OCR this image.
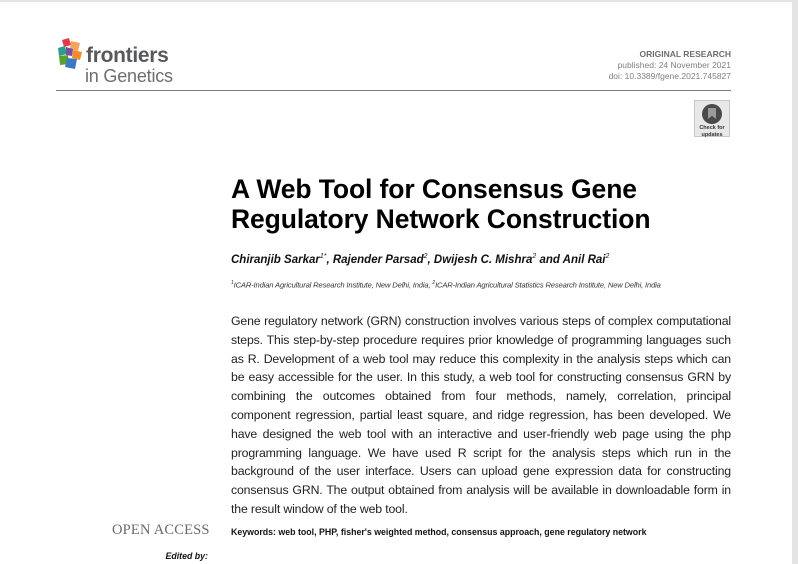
frontiers
in Genetics
ORIGINAL RESEARCH
published: 24 November 2021
doi: 10.3389/fgene.2021.745827
Check for
updates
A Web Tool for Consensus Gene Regulatory Network Construction
Chiranjib Sarkar$^{1*}$, Rajender Parsad$^2$, Dwijesh C. Mishra$^2$ and Anil Rai$^2$
$^1$ICAR-Indian Agricultural Research Institute, New Delhi, India, $^2$ICAR-Indian Agricultural Statistics Research Institute, New Delhi, India

Gene regulatory network (GRN) construction involves various steps of complex computational steps. This step-by-step procedure requires prior knowledge of programming languages such as R. Development of a web tool may reduce this complexity in the analysis steps which can be easy accessible for the user. In this study, a web tool for constructing consensus GRN by combining the outcomes obtained from four methods, namely, correlation, principal component regression, partial least square, and ridge regression, has been developed. We have designed the web tool with an interactive and user-friendly web page using the php programming language. We have used R script for the analysis steps which run in the background of the user interface. Users can upload gene expression data for constructing consensus GRN. The output obtained from analysis will be available in downloadable form in the result window of the web tool.

OPEN ACCESS Keywords: web tool, PHP, fisher's weighted method, consensus approach, gene regulatory network
Edited by:
